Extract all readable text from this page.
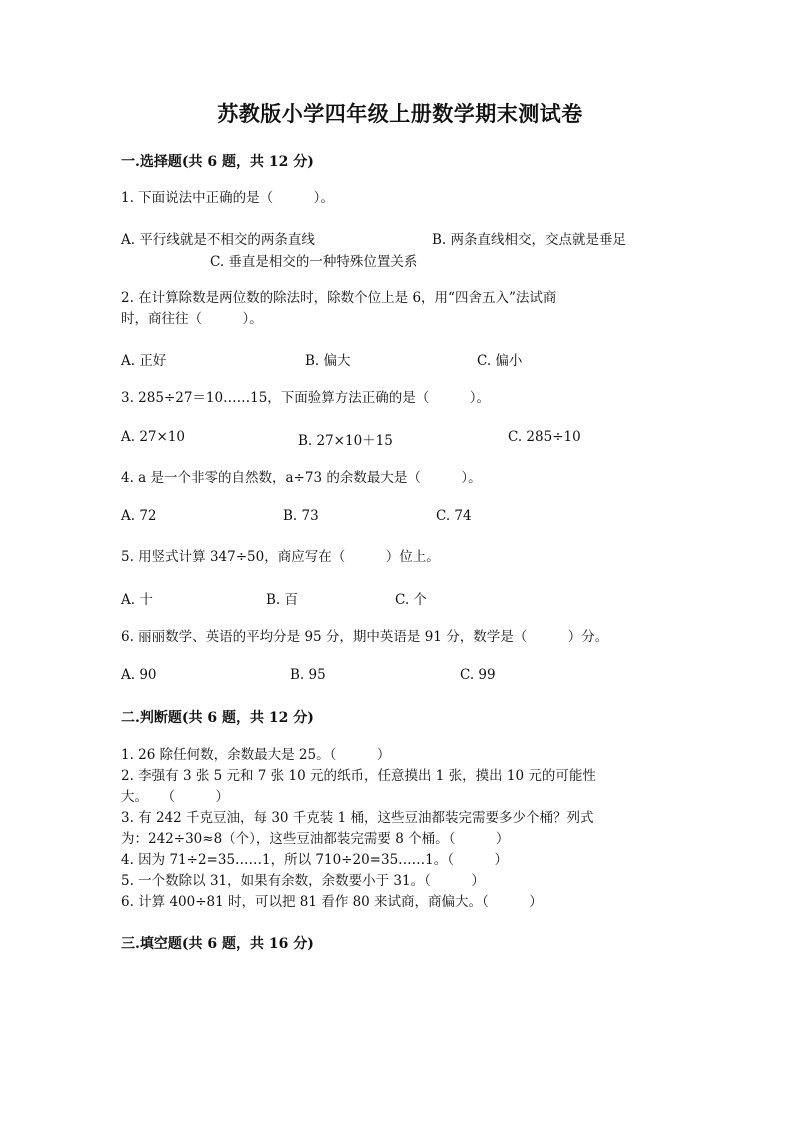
苏教版小学四年级上册数学期末测试卷
一.选择题(共 6 题，共 12 分)
1. 下面说法中正确的是（　　　）。
A. 平行线就是不相交的两条直线	B. 两条直线相交，交点就是垂足
C. 垂直是相交的一种特殊位置关系
2. 在计算除数是两位数的除法时，除数个位上是 6，用“四舍五入”法试商
时，商往往（　　　）。
A. 正好	B. 偏大	C. 偏小
3. 285÷27＝10……15，下面验算方法正确的是（　　　）。
A. 27×10	B. 27×10＋15	C. 285÷10
4. a 是一个非零的自然数，a÷73 的余数最大是（　　　）。
A. 72	B. 73	C. 74
5. 用竖式计算 347÷50，商应写在（　　　）位上。
A. 十	B. 百	C. 个
6. 丽丽数学、英语的平均分是 95 分，期中英语是 91 分，数学是（　　　）分。
A. 90	B. 95	C. 99
二.判断题(共 6 题，共 12 分)
1. 26 除任何数，余数最大是 25。（　　　）
2. 李强有 3 张 5 元和 7 张 10 元的纸币，任意摸出 1 张，摸出 10 元的可能性
大。　　（　　　）
3. 有 242 千克豆油，每 30 千克装 1 桶，这些豆油都装完需要多少个桶？列式
为：242÷30≈8（个），这些豆油都装完需要 8 个桶。（　　　）
4. 因为 71÷2=35……1，所以 710÷20=35……1。（　　　）
5. 一个数除以 31，如果有余数，余数要小于 31。（　　　）
6. 计算 400÷81 时，可以把 81 看作 80 来试商，商偏大。（　　　）
三.填空题(共 6 题，共 16 分)
